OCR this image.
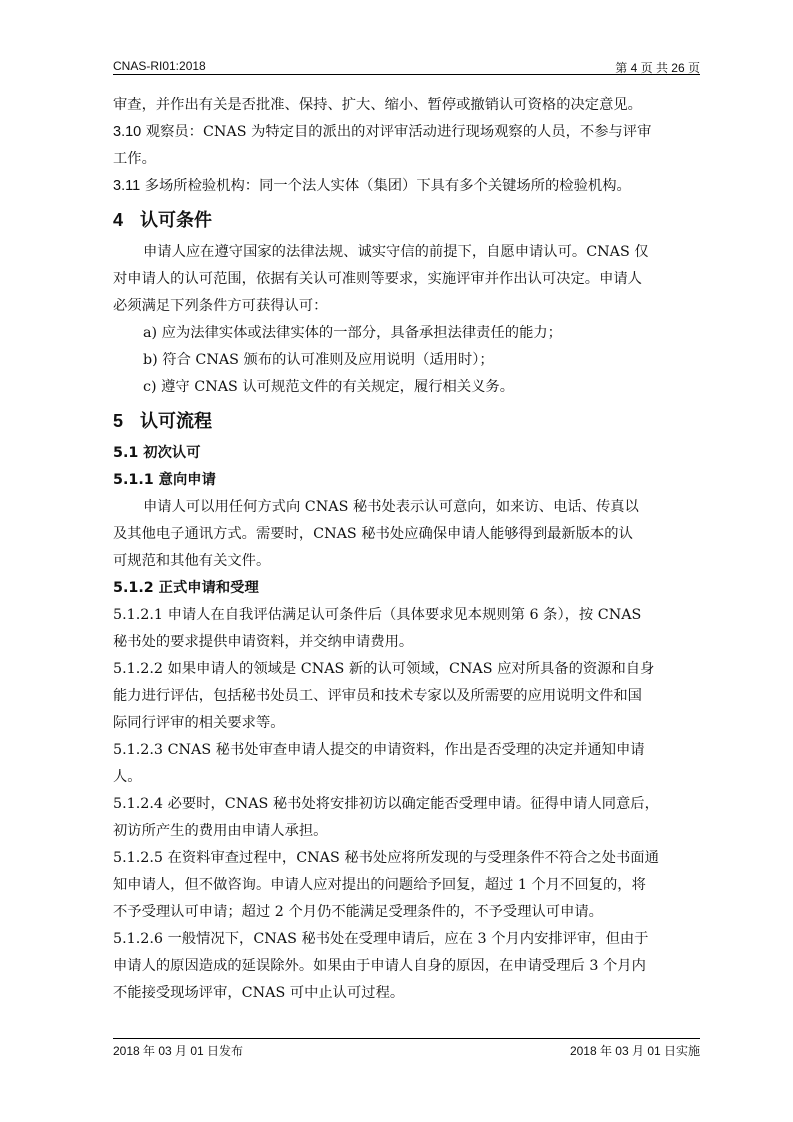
CNAS-RI01:2018	第 4 页 共 26 页

审查，并作出有关是否批准、保持、扩大、缩小、暂停或撤销认可资格的决定意见。

3.10 观察员：CNAS 为特定目的派出的对评审活动进行现场观察的人员，不参与评审

工作。

3.11 多场所检验机构：同一个法人实体（集团）下具有多个关键场所的检验机构。

4 认可条件

申请人应在遵守国家的法律法规、诚实守信的前提下，自愿申请认可。CNAS 仅

对申请人的认可范围，依据有关认可准则等要求，实施评审并作出认可决定。申请人

必须满足下列条件方可获得认可：

a) 应为法律实体或法律实体的一部分，具备承担法律责任的能力；

b) 符合 CNAS 颁布的认可准则及应用说明（适用时）；

c) 遵守 CNAS 认可规范文件的有关规定，履行相关义务。

5 认可流程

5.1 初次认可

5.1.1 意向申请

申请人可以用任何方式向 CNAS 秘书处表示认可意向，如来访、电话、传真以

及其他电子通讯方式。需要时，CNAS 秘书处应确保申请人能够得到最新版本的认

可规范和其他有关文件。

5.1.2 正式申请和受理

5.1.2.1 申请人在自我评估满足认可条件后（具体要求见本规则第 6 条），按 CNAS

秘书处的要求提供申请资料，并交纳申请费用。

5.1.2.2 如果申请人的领域是 CNAS 新的认可领域，CNAS 应对所具备的资源和自身

能力进行评估，包括秘书处员工、评审员和技术专家以及所需要的应用说明文件和国

际同行评审的相关要求等。

5.1.2.3 CNAS 秘书处审查申请人提交的申请资料，作出是否受理的决定并通知申请

人。

5.1.2.4 必要时，CNAS 秘书处将安排初访以确定能否受理申请。征得申请人同意后，

初访所产生的费用由申请人承担。

5.1.2.5 在资料审查过程中，CNAS 秘书处应将所发现的与受理条件不符合之处书面通

知申请人，但不做咨询。申请人应对提出的问题给予回复，超过 1 个月不回复的，将

不予受理认可申请；超过 2 个月仍不能满足受理条件的，不予受理认可申请。

5.1.2.6 一般情况下，CNAS 秘书处在受理申请后，应在 3 个月内安排评审，但由于

申请人的原因造成的延误除外。如果由于申请人自身的原因，在申请受理后 3 个月内

不能接受现场评审，CNAS 可中止认可过程。

2018 年 03 月 01 日发布	2018 年 03 月 01 日实施
